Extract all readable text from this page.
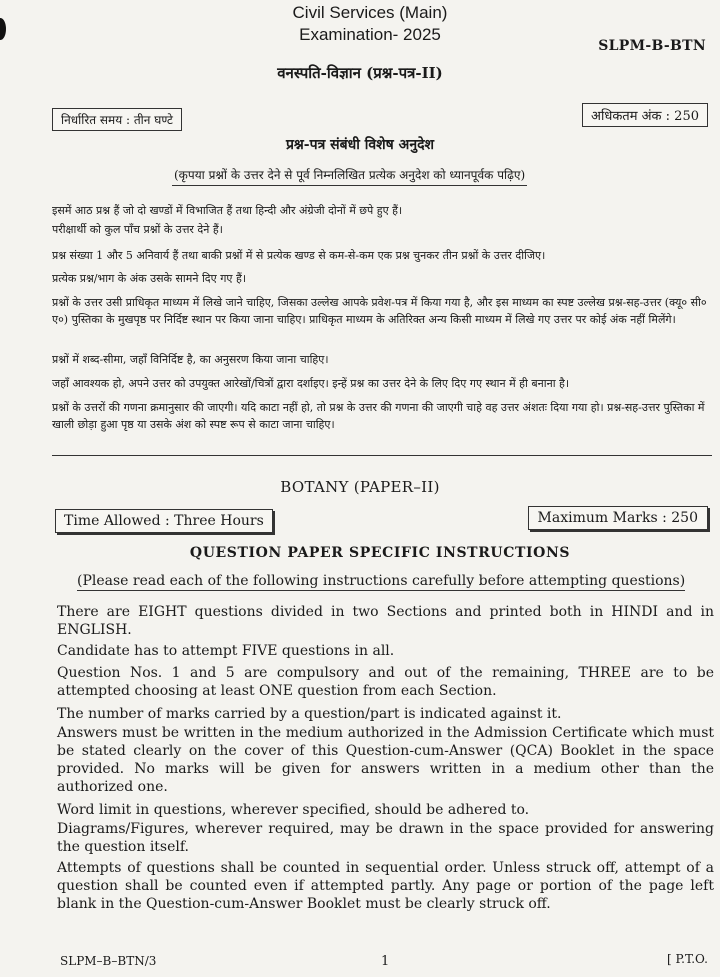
Civil Services (Main)
Examination- 2025
SLPM-B-BTN
वनस्पति-विज्ञान (प्रश्न-पत्र-II)
निर्धारित समय : तीन घण्टे	अधिकतम अंक : 250
प्रश्न-पत्र संबंधी विशेष अनुदेश
(कृपया प्रश्नों के उत्तर देने से पूर्व निम्नलिखित प्रत्येक अनुदेश को ध्यानपूर्वक पढ़िए)

इसमें आठ प्रश्न हैं जो दो खण्डों में विभाजित हैं तथा हिन्दी और अंग्रेजी दोनों में छपे हुए हैं।

परीक्षार्थी को कुल पाँच प्रश्नों के उत्तर देने हैं।

प्रश्न संख्या 1 और 5 अनिवार्य हैं तथा बाकी प्रश्नों में से प्रत्येक खण्ड से कम-से-कम एक प्रश्न चुनकर तीन प्रश्नों के उत्तर दीजिए।

प्रत्येक प्रश्न/भाग के अंक उसके सामने दिए गए हैं।

प्रश्नों के उत्तर उसी प्राधिकृत माध्यम में लिखे जाने चाहिए, जिसका उल्लेख आपके प्रवेश-पत्र में किया गया है, और इस माध्यम का स्पष्ट उल्लेख प्रश्न-सह-उत्तर (क्यू० सी० ए०) पुस्तिका के मुखपृष्ठ पर निर्दिष्ट स्थान पर किया जाना चाहिए। प्राधिकृत माध्यम के अतिरिक्त अन्य किसी माध्यम में लिखे गए उत्तर पर कोई अंक नहीं मिलेंगे।

प्रश्नों में शब्द-सीमा, जहाँ विनिर्दिष्ट है, का अनुसरण किया जाना चाहिए।

जहाँ आवश्यक हो, अपने उत्तर को उपयुक्त आरेखों/चित्रों द्वारा दर्शाइए। इन्हें प्रश्न का उत्तर देने के लिए दिए गए स्थान में ही बनाना है।

प्रश्नों के उत्तरों की गणना क्रमानुसार की जाएगी। यदि काटा नहीं हो, तो प्रश्न के उत्तर की गणना की जाएगी चाहे वह उत्तर अंशतः दिया गया हो। प्रश्न-सह-उत्तर पुस्तिका में खाली छोड़ा हुआ पृष्ठ या उसके अंश को स्पष्ट रूप से काटा जाना चाहिए।

BOTANY (PAPER–II)
Time Allowed : Three Hours	Maximum Marks : 250
QUESTION PAPER SPECIFIC INSTRUCTIONS
(Please read each of the following instructions carefully before attempting questions)

There are EIGHT questions divided in two Sections and printed both in HINDI and in ENGLISH.

Candidate has to attempt FIVE questions in all.

Question Nos. 1 and 5 are compulsory and out of the remaining, THREE are to be attempted choosing at least ONE question from each Section.

The number of marks carried by a question/part is indicated against it.

Answers must be written in the medium authorized in the Admission Certificate which must be stated clearly on the cover of this Question-cum-Answer (QCA) Booklet in the space provided. No marks will be given for answers written in a medium other than the authorized one.

Word limit in questions, wherever specified, should be adhered to.

Diagrams/Figures, wherever required, may be drawn in the space provided for answering the question itself.

Attempts of questions shall be counted in sequential order. Unless struck off, attempt of a question shall be counted even if attempted partly. Any page or portion of the page left blank in the Question-cum-Answer Booklet must be clearly struck off.

SLPM–B–BTN/3	1	[ P.T.O.
